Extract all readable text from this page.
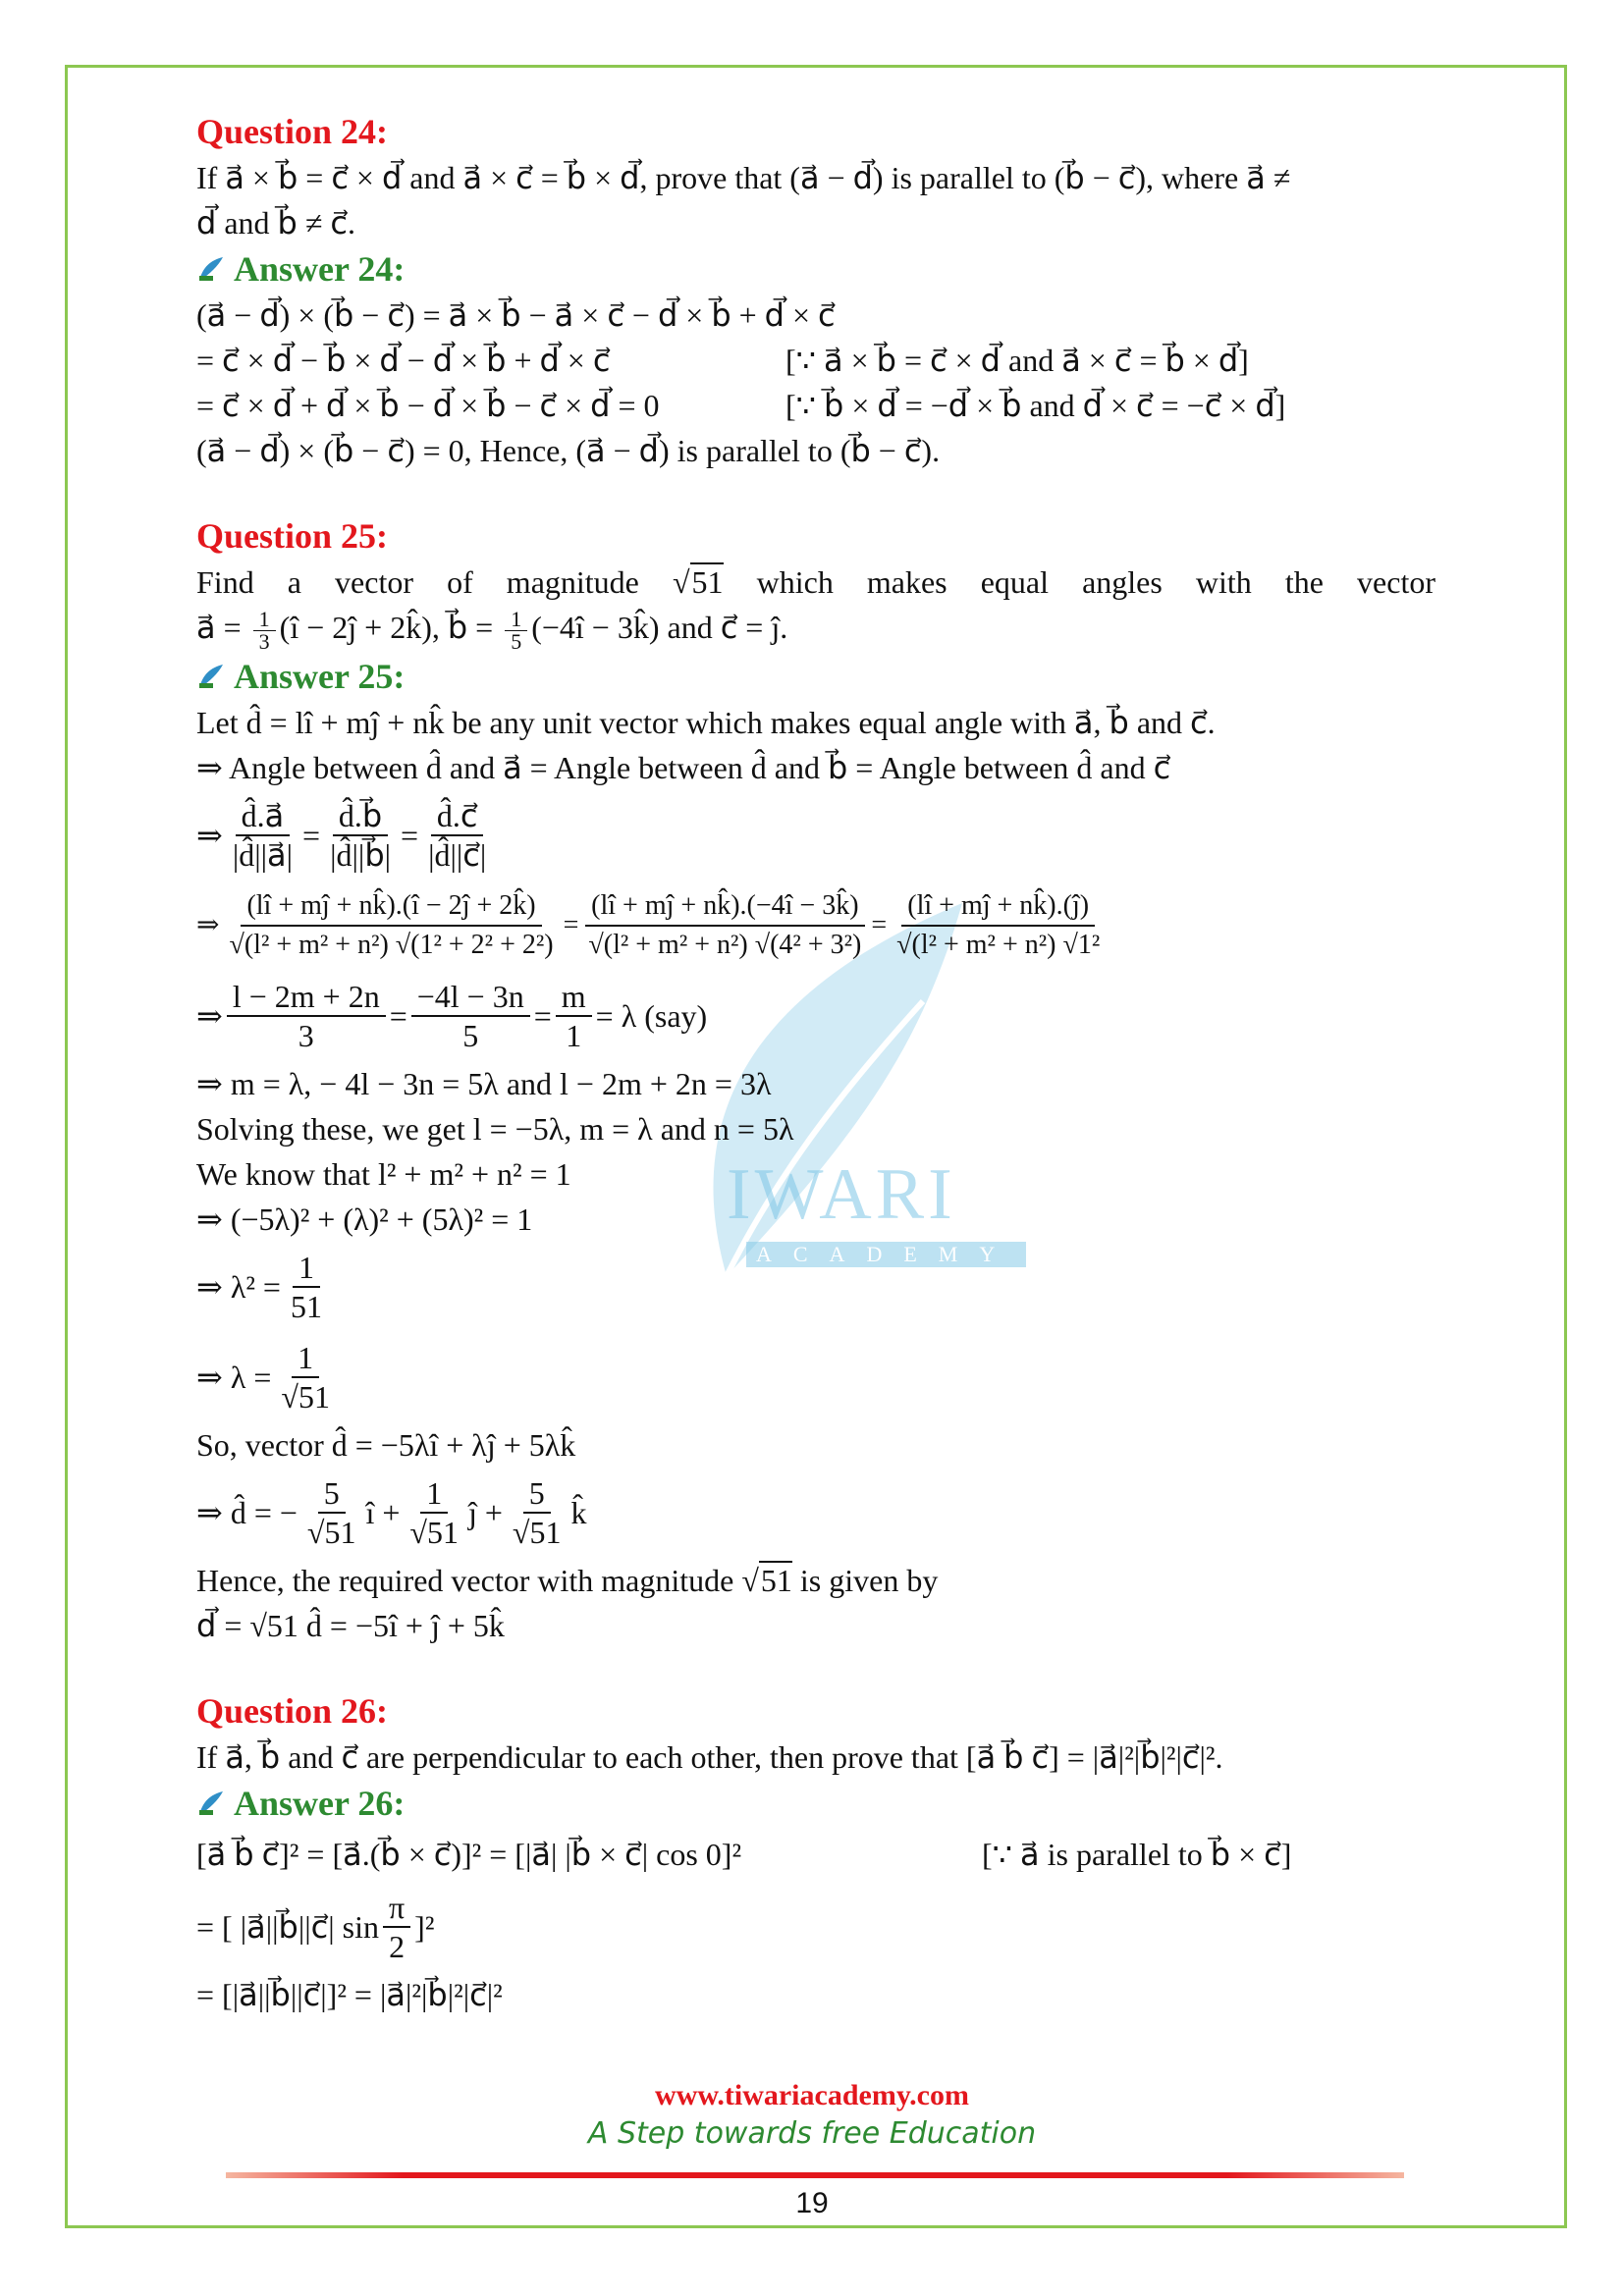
IWARI
ACADEMY
Question 24:
If a⃗ × b⃗ = c⃗ × d⃗ and a⃗ × c⃗ = b⃗ × d⃗, prove that (a⃗ − d⃗) is parallel to (b⃗ − c⃗), where a⃗ ≠
d⃗ and b⃗ ≠ c⃗.
Answer 24:
(a⃗ − d⃗) × (b⃗ − c⃗) = a⃗ × b⃗ − a⃗ × c⃗ − d⃗ × b⃗ + d⃗ × c⃗
= c⃗ × d⃗ − b⃗ × d⃗ − d⃗ × b⃗ + d⃗ × c⃗	[∵ a⃗ × b⃗ = c⃗ × d⃗ and a⃗ × c⃗ = b⃗ × d⃗]
= c⃗ × d⃗ + d⃗ × b⃗ − d⃗ × b⃗ − c⃗ × d⃗ = 0	[∵ b⃗ × d⃗ = −d⃗ × b⃗ and d⃗ × c⃗ = −c⃗ × d⃗]
(a⃗ − d⃗) × (b⃗ − c⃗) = 0, Hence, (a⃗ − d⃗) is parallel to (b⃗ − c⃗).
Question 25:
Find a vector of magnitude √51 which makes equal angles with the vector
a⃗ = $\frac{1}{3}$ (î − 2ĵ + 2k̂), b⃗ = $\frac{1}{5}$ (−4î − 3k̂) and c⃗ = ĵ.
Answer 25:
Let d̂ = lî + mĵ + nk̂ be any unit vector which makes equal angle with a⃗, b⃗ and c⃗.
⇒ Angle between d̂ and a⃗ = Angle between d̂ and b⃗ = Angle between d̂ and c⃗
⇒ $\frac{d̂.a⃗}{|d̂||a⃗|} = \frac{d̂.b⃗}{|d̂||b⃗|} = \frac{d̂.c⃗}{|d̂||c⃗|}$
⇒ $\frac{(lî + mĵ + nk̂).(î - 2ĵ + 2k̂)}{\text{√(l² + m² + n²) √(1² + 2² + 2²)}} = \frac{(lî + mĵ + nk̂).(-4î - 3k̂)}{\text{√(l² + m² + n²) √(4² + 3²)}} = \frac{(lî + mĵ + nk̂).(ĵ)}{\text{√(l² + m² + n²) √1²}}$
⇒ $\frac{l - 2m + 2n}{3} = \frac{-4l - 3n}{5} = \frac{m}{1} = \lambda$ (say)
⇒ m = λ, − 4l − 3n = 5λ and l − 2m + 2n = 3λ
Solving these, we get l = −5λ, m = λ and n = 5λ
We know that l² + m² + n² = 1
⇒ (−5λ)² + (λ)² + (5λ)² = 1
⇒ $\lambda^2 = \frac{1}{51}$
⇒ $\lambda = \frac{1}{√51}$
So, vector d̂ = −5λî + λĵ + 5λk̂
⇒ d̂ = − $\frac{5}{√51}$ î + $\frac{1}{√51}$ ĵ + $\frac{5}{√51}$ k̂
Hence, the required vector with magnitude √51 is given by
d⃗ = √51 d̂ = −5î + ĵ + 5k̂
Question 26:
If a⃗, b⃗ and c⃗ are perpendicular to each other, then prove that [a⃗ b⃗ c⃗] = |a⃗|²|b⃗|²|c⃗|².
Answer 26:
[a⃗ b⃗ c⃗]² = [a⃗.(b⃗ × c⃗)]² = [|a⃗| |b⃗ × c⃗| cos 0]²	[∵ a⃗ is parallel to b⃗ × c⃗]
= [ |a⃗||b⃗||c⃗| $\sin \frac{\pi}{2} ]^2$
= [|a⃗||b⃗||c⃗|]² = |a⃗|²|b⃗|²|c⃗|²
www.tiwariacademy.com
A Step towards free Education
19
